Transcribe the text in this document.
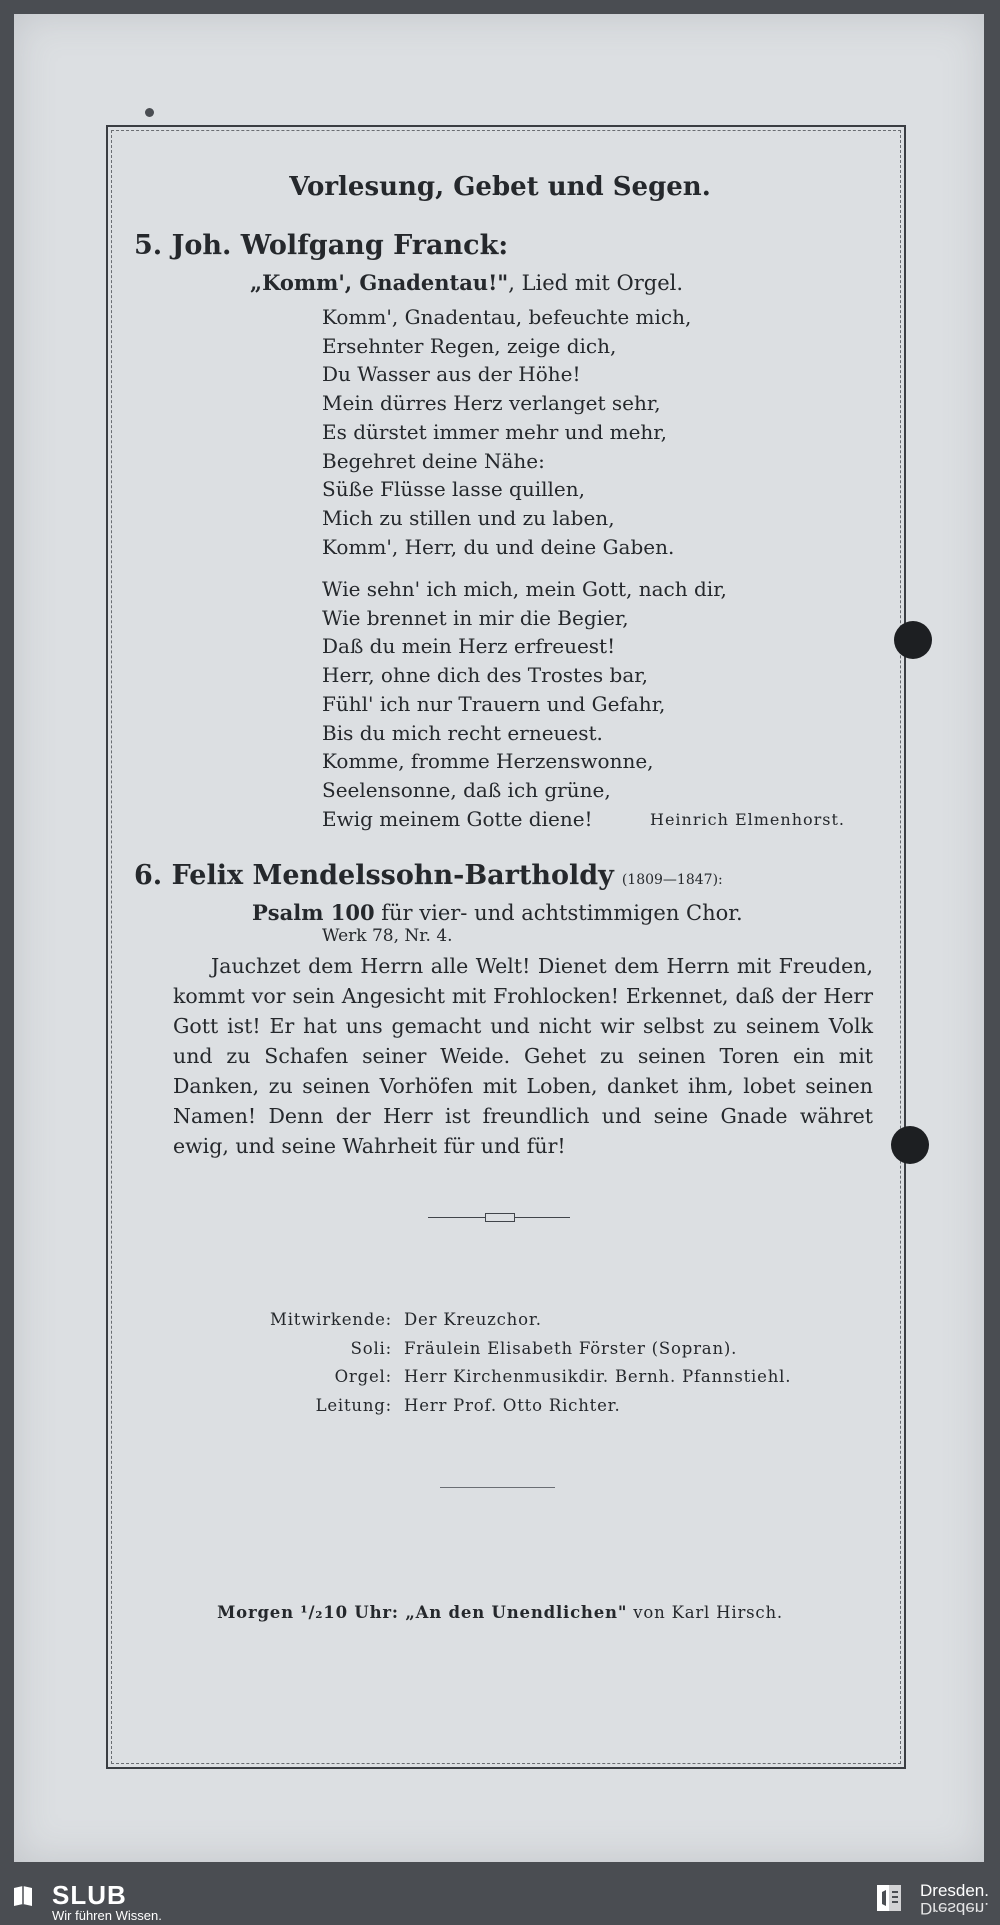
Vorlesung, Gebet und Segen.
5. Joh. Wolfgang Franck:
„Komm', Gnadentau!", Lied mit Orgel.
Komm', Gnadentau, befeuchte mich,
Ersehnter Regen, zeige dich,
Du Wasser aus der Höhe!
Mein dürres Herz verlanget sehr,
Es dürstet immer mehr und mehr,
Begehret deine Nähe:
Süße Flüsse lasse quillen,
Mich zu stillen und zu laben,
Komm', Herr, du und deine Gaben.
Wie sehn' ich mich, mein Gott, nach dir,
Wie brennet in mir die Begier,
Daß du mein Herz erfreuest!
Herr, ohne dich des Trostes bar,
Fühl' ich nur Trauern und Gefahr,
Bis du mich recht erneuest.
Komme, fromme Herzenswonne,
Seelensonne, daß ich grüne,
Ewig meinem Gotte diene!	Heinrich Elmenhorst.
6. Felix Mendelssohn-Bartholdy (1809—1847):
Psalm 100 für vier- und achtstimmigen Chor.
Werk 78, Nr. 4.
Jauchzet dem Herrn alle Welt! Dienet dem Herrn mit Freuden, kommt vor sein Angesicht mit Frohlocken! Erkennet, daß der Herr Gott ist! Er hat uns gemacht und nicht wir selbst zu seinem Volk und zu Schafen seiner Weide. Gehet zu seinen Toren ein mit Danken, zu seinen Vorhöfen mit Loben, danket ihm, lobet seinen Namen! Denn der Herr ist freundlich und seine Gnade währet ewig, und seine Wahrheit für und für!
Mitwirkende: Der Kreuzchor.
Soli: Fräulein Elisabeth Förster (Sopran).
Orgel: Herr Kirchenmusikdir. Bernh. Pfannstiehl.
Leitung: Herr Prof. Otto Richter.
Morgen ¹/₂10 Uhr: „An den Unendlichen" von Karl Hirsch.
SLUB
Wir führen Wissen.
Dresden.
Dresden.
